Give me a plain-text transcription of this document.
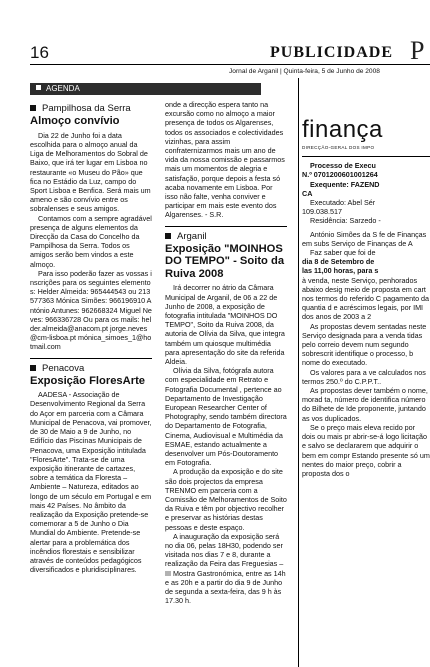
16	PUBLICIDADE P
Jornal de Arganil | Quinta-feira, 5 de Junho de 2008
AGENDA
Pampilhosa da Serra
Almoço convívio

Dia 22 de Junho foi a data escolhida para o almoço anual da Liga de Melhoramentos do Sobral de Baixo, que irá ter lugar em Lisboa no restaurante «o Museu do Pão» que fica no Estádio da Luz, campo do Sport Lisboa e Benfica. Será mais um ameno e são convívio entre os sobralenses e seus amigos.

Contamos com a sempre agradável presença de alguns elementos da Direcção da Casa do Concelho da Pampilhosa da Serra. Todos os amigos serão bem vindos a este almoço.

Para isso poderão fazer as vossas inscrições para os seguintes elementos: Helder Almeida: 965444543 ou 213577363 Mónica Simões: 966196910 António Antunes: 962668324 Miguel Neves: 966336728 Ou para os mails: helder.almeida@anacom.pt jorge.neves@cm-lisboa.pt mónica_simoes_1@hotmail.com

Penacova
Exposição FloresArte

AADESA - Associação de Desenvolvimento Regional da Serra do Açor em parceria com a Câmara Municipal de Penacova, vai promover, de 30 de Maio a 9 de Junho, no Edifício das Piscinas Municipais de Penacova, uma Exposição intitulada "FloresArte". Trata-se de uma exposição itinerante de cartazes, sobre a temática da Floresta – Ambiente – Natureza, editados ao longo de um século em Portugal e em mais 42 Países. No âmbito da realização da Exposição pretende-se comemorar a 5 de Junho o Dia Mundial do Ambiente. Pretende-se alertar para a problemática dos incêndios florestais e sensibilizar através de conteúdos pedagógicos diversificados e pluridisciplinares.

onde a direcção espera tanto na excursão como no almoço a maior presença de todos os Algarenses, todos os associados e colectividades vizinhas, para assim confraternizarmos mais um ano de vida da nossa comissão e passarmos mais um momentos de alegria e satisfação, porque depois a festa só acaba novamente em Lisboa. Por isso não falte, venha conviver e participar em mais este evento dos Algarenses. - S.R.

Arganil
Exposição "MOINHOS DO TEMPO" - Soito da Ruiva 2008

Irá decorrer no átrio da Câmara Municipal de Arganil, de 06 a 22 de Junho de 2008, a exposição de fotografia intitulada "MOINHOS DO TEMPO", Soito da Ruiva 2008, da autoria de Olívia da Silva, que integra também um quiosque multimédia para apresentação do site da referida Aldeia.

Olívia da Silva, fotógrafa autora com especialidade em Retrato e Fotografia Documental , pertence ao Departamento de Investigação European Researcher Center of Photography, sendo também directora do Departamento de Fotografia, Cinema, Audiovisual e Multimédia da ESMAE, estando actualmente a desenvolver um Pós-Doutoramento em Fotografia.

A produção da exposição e do site são dois projectos da empresa TRENMO em parceria com a Comissão de Melhoramentos de Soito da Ruiva e têm por objectivo recolher e preservar as histórias destas pessoas e deste espaço.

A inauguração da exposição será no dia 06, pelas 18H30, podendo ser visitada nos dias 7 e 8, durante a realização da Feira das Freguesias – III Mostra Gastronómica, entre as 14h e as 20h e a partir do dia 9 de Junho de segunda a sexta-feira, das 9 h às 17.30 h.

finança
DIRECÇÃO-GERAL DOS IMPO

Processo de Execu

N.º 0701200601001264

Exequente: FAZEND

CA

Executado: Abel Sér

109.038.517

Residência: Sarzedo -

António Simões da S fe de Finanças em subs Serviço de Finanças de A

Faz saber que foi de

dia 8 de Setembro de

las 11,00 horas, para s

à venda, neste Serviço, penhorados abaixo desig meio de proposta em cart nos termos do referido C pagamento da quantia d e acréscimos legais, por IMI dos anos de 2003 a 2

As propostas devem sentadas neste Serviço designada para a venda tidas pelo correio devem num segundo sobrescrit identifique o processo, b nome do executado.

Os valores para a ve calculados nos termos 250.º do C.P.P.T..

As propostas dever também o nome, morad ta, número de identifica número do Bilhete de Ide proponente, juntando as vos duplicados.

Se o preço mais eleva recido por dois ou mais pr abrir-se-á logo licitação e salvo se declararem que adquirir o bem em compr Estando presente só um nentes do maior preço, cobrir a proposta dos o
